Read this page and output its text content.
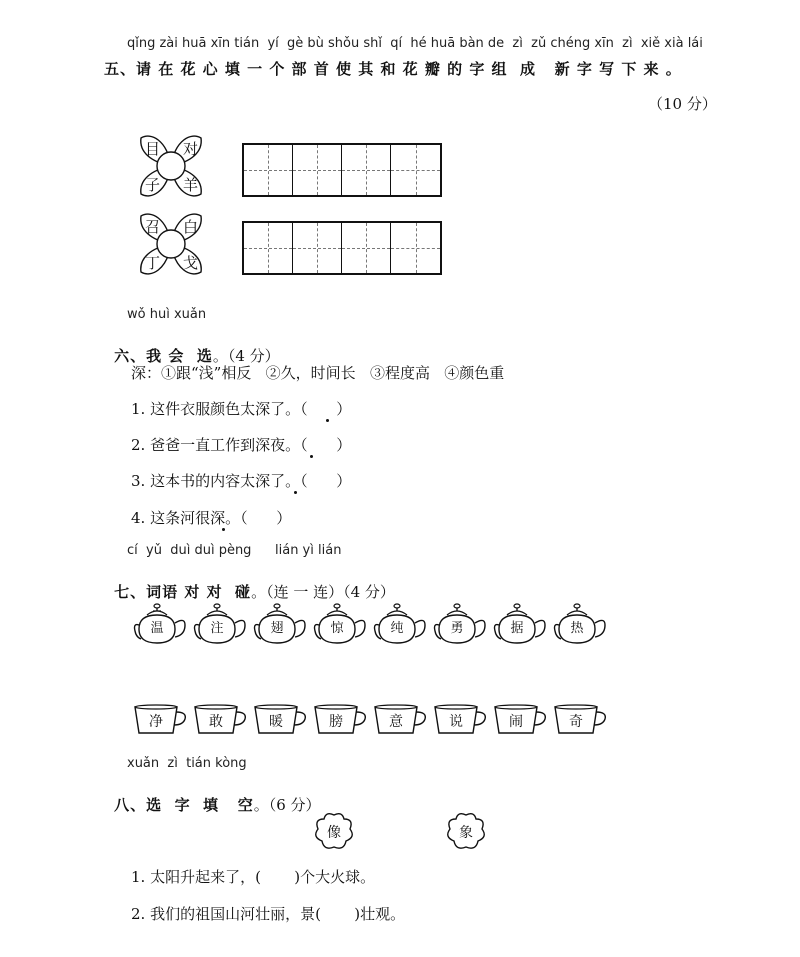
qǐng zài huā xīn tián  yí  gè bù shǒu shǐ  qí  hé huā bàn de  zì  zǔ chéng xīn  zì  xiě xià lái
五、请 在 花 心 填 一 个 部 首 使 其 和 花 瓣 的 字 组  成   新 字 写 下 来 。
（10 分）
目 对
子 羊
召 白
丁 戈
wǒ huì xuǎn

六、我 会  选。（4 分）

深：①跟“浅”相反   ②久，时间长   ③程度高   ④颜色重
1. 这件衣服颜色太深了。（      ）
2. 爸爸一直工作到深夜。（      ）
3. 这本书的内容太深了。（      ）
4. 这条河很深。（      ）
cí  yǔ  duì duì pèng lián yì lián

七、词语 对 对  碰。（连 一 连）（4 分）

温	注	翅	惊	纯	勇	据	热
净	敢	暖	膀	意	说	闹	奇
xuǎn  zì  tián kòng

八、选  字  填   空。（6 分）

像	象
1. 太阳升起来了，(       )个大火球。
2. 我们的祖国山河壮丽，景(       )壮观。
